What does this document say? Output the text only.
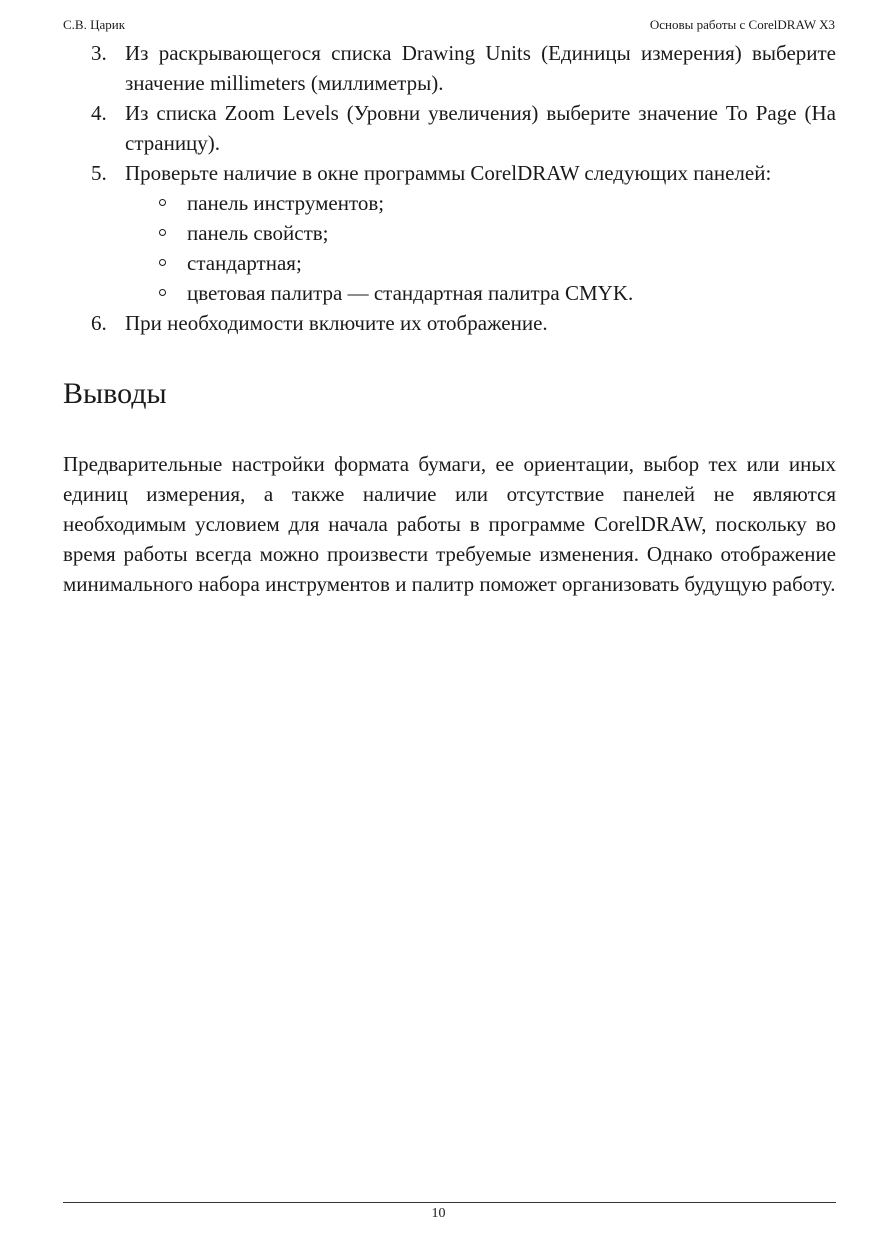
С.В. Царик	Основы работы с CorelDRAW X3
3. Из раскрывающегося списка Drawing Units (Единицы измерения) выберите значение millimeters (миллиметры).
4. Из списка Zoom Levels (Уровни увеличения) выберите значение To Page (На страницу).
5. Проверьте наличие в окне программы CorelDRAW следующих панелей:
панель инструментов;
панель свойств;
стандартная;
цветовая палитра — стандартная палитра CMYK.
6. При необходимости включите их отображение.
Выводы

Предварительные настройки формата бумаги, ее ориентации, выбор тех или иных единиц измерения, а также наличие или отсутствие панелей не являются необходимым условием для начала работы в программе CorelDRAW, поскольку во время работы всегда можно произвести требуемые изменения. Однако отображение минимального набора инструментов и палитр поможет организовать будущую работу.

10
